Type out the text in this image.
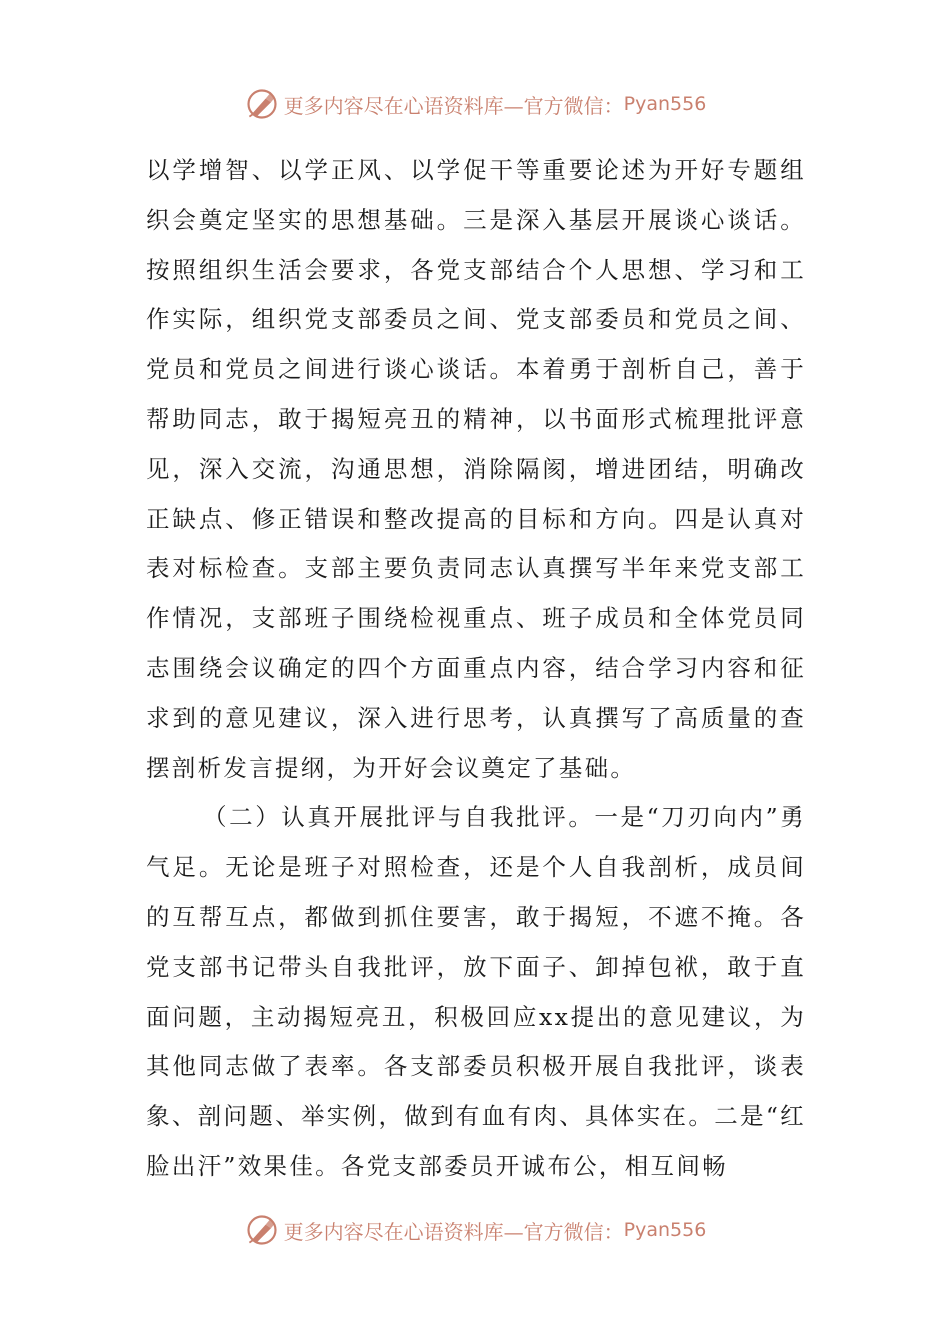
更多内容尽在心语资料库—官方微信： Pyan556

以学增智、以学正风、以学促干等重要论述为开好专题组织会奠定坚实的思想基础。三是深入基层开展谈心谈话。按照组织生活会要求，各党支部结合个人思想、学习和工作实际，组织党支部委员之间、党支部委员和党员之间、党员和党员之间进行谈心谈话。本着勇于剖析自己，善于帮助同志，敢于揭短亮丑的精神，以书面形式梳理批评意见，深入交流，沟通思想，消除隔阂，增进团结，明确改正缺点、修正错误和整改提高的目标和方向。四是认真对表对标检查。支部主要负责同志认真撰写半年来党支部工作情况，支部班子围绕检视重点、班子成员和全体党员同志围绕会议确定的四个方面重点内容，结合学习内容和征求到的意见建议，深入进行思考，认真撰写了高质量的查摆剖析发言提纲，为开好会议奠定了基础。

（二）认真开展批评与自我批评。一是“刀刃向内”勇气足。无论是班子对照检查，还是个人自我剖析，成员间的互帮互点，都做到抓住要害，敢于揭短，不遮不掩。各党支部书记带头自我批评，放下面子、卸掉包袱，敢于直面问题，主动揭短亮丑，积极回应xx提出的意见建议，为其他同志做了表率。各支部委员积极开展自我批评，谈表象、剖问题、举实例，做到有血有肉、具体实在。二是“红脸出汗”效果佳。各党支部委员开诚布公，相互间畅

更多内容尽在心语资料库—官方微信： Pyan556
